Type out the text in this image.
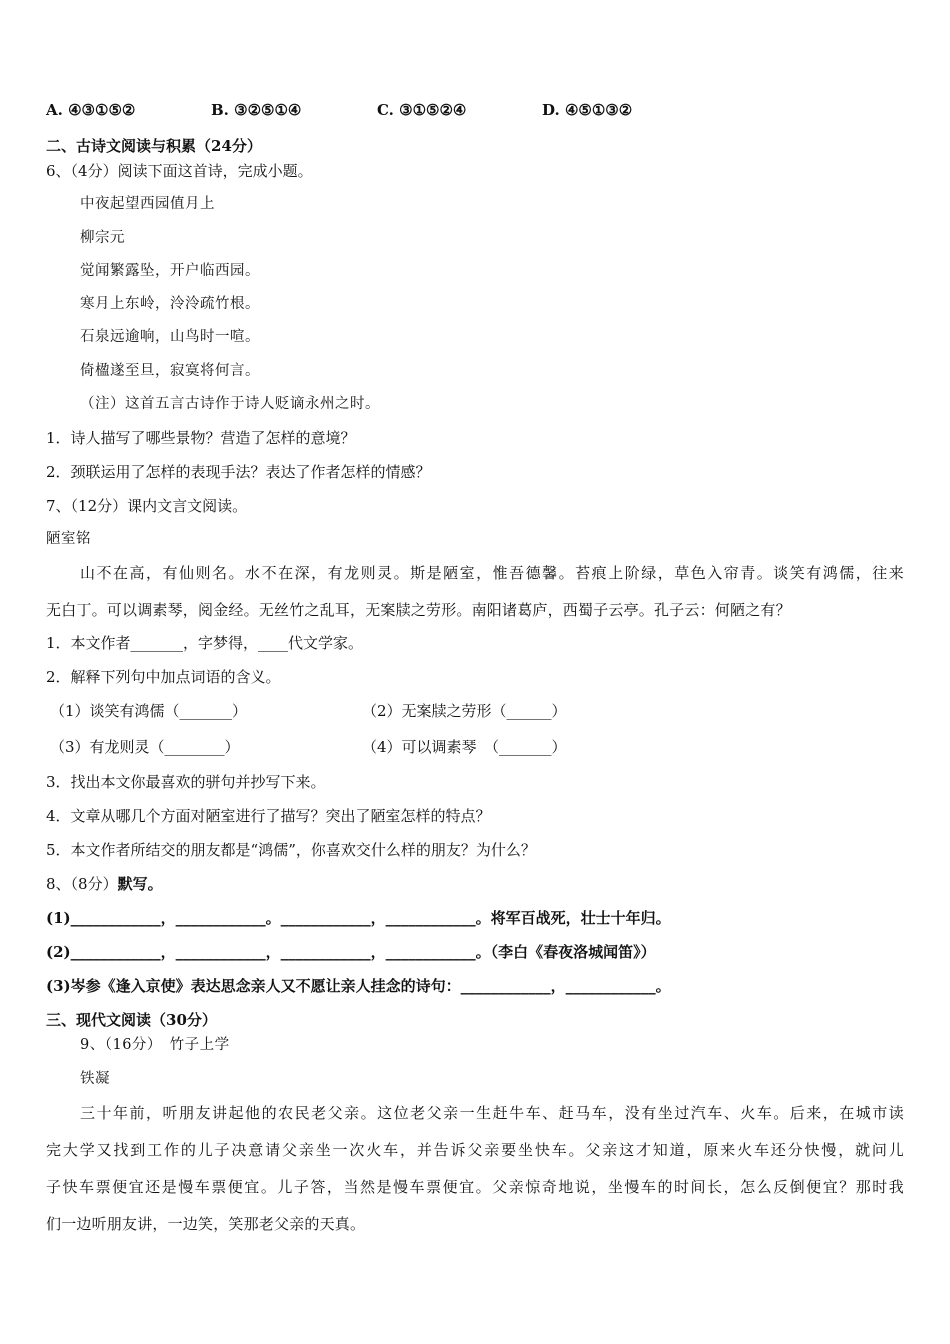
A. ④③①⑤②	B. ③②⑤①④	C. ③①⑤②④	D. ④⑤①③②
二、古诗文阅读与积累（24分）
6、（4分）阅读下面这首诗，完成小题。
中夜起望西园值月上
柳宗元
觉闻繁露坠，开户临西园。
寒月上东岭，泠泠疏竹根。
石泉远逾响，山鸟时一喧。
倚楹遂至旦，寂寞将何言。
（注）这首五言古诗作于诗人贬谪永州之时。
1．诗人描写了哪些景物？营造了怎样的意境？
2．颈联运用了怎样的表现手法？表达了作者怎样的情感？
7、（12分）课内文言文阅读。
陋室铭
山不在高，有仙则名。水不在深，有龙则灵。斯是陋室，惟吾德馨。苔痕上阶绿，草色入帘青。谈笑有鸿儒，往来
无白丁。可以调素琴，阅金经。无丝竹之乱耳，无案牍之劳形。南阳诸葛庐，西蜀子云亭。孔子云：何陋之有？
1．本文作者_______，字梦得，____代文学家。
2．解释下列句中加点词语的含义。
（1）谈笑有鸿儒（_______）	（2）无案牍之劳形（______）
（3）有龙则灵（________）	（4）可以调素琴　（_______）
3．找出本文你最喜欢的骈句并抄写下来。
4．文章从哪几个方面对陋室进行了描写？突出了陋室怎样的特点？
5．本文作者所结交的朋友都是“鸿儒”，你喜欢交什么样的朋友？为什么？
8、（8分）默写。
(1)____________，____________。____________，____________。将军百战死，壮士十年归。
(2)____________，____________，____________，____________。（李白《春夜洛城闻笛》）
(3)岑参《逢入京使》表达思念亲人又不愿让亲人挂念的诗句：____________，____________。
三、现代文阅读（30分）
9、（16分）　竹子上学
铁凝
三十年前，听朋友讲起他的农民老父亲。这位老父亲一生赶牛车、赶马车，没有坐过汽车、火车。后来，在城市读
完大学又找到工作的儿子决意请父亲坐一次火车，并告诉父亲要坐快车。父亲这才知道，原来火车还分快慢，就问儿
子快车票便宜还是慢车票便宜。儿子答，当然是慢车票便宜。父亲惊奇地说，坐慢车的时间长，怎么反倒便宜？那时我
们一边听朋友讲，一边笑，笑那老父亲的天真。
